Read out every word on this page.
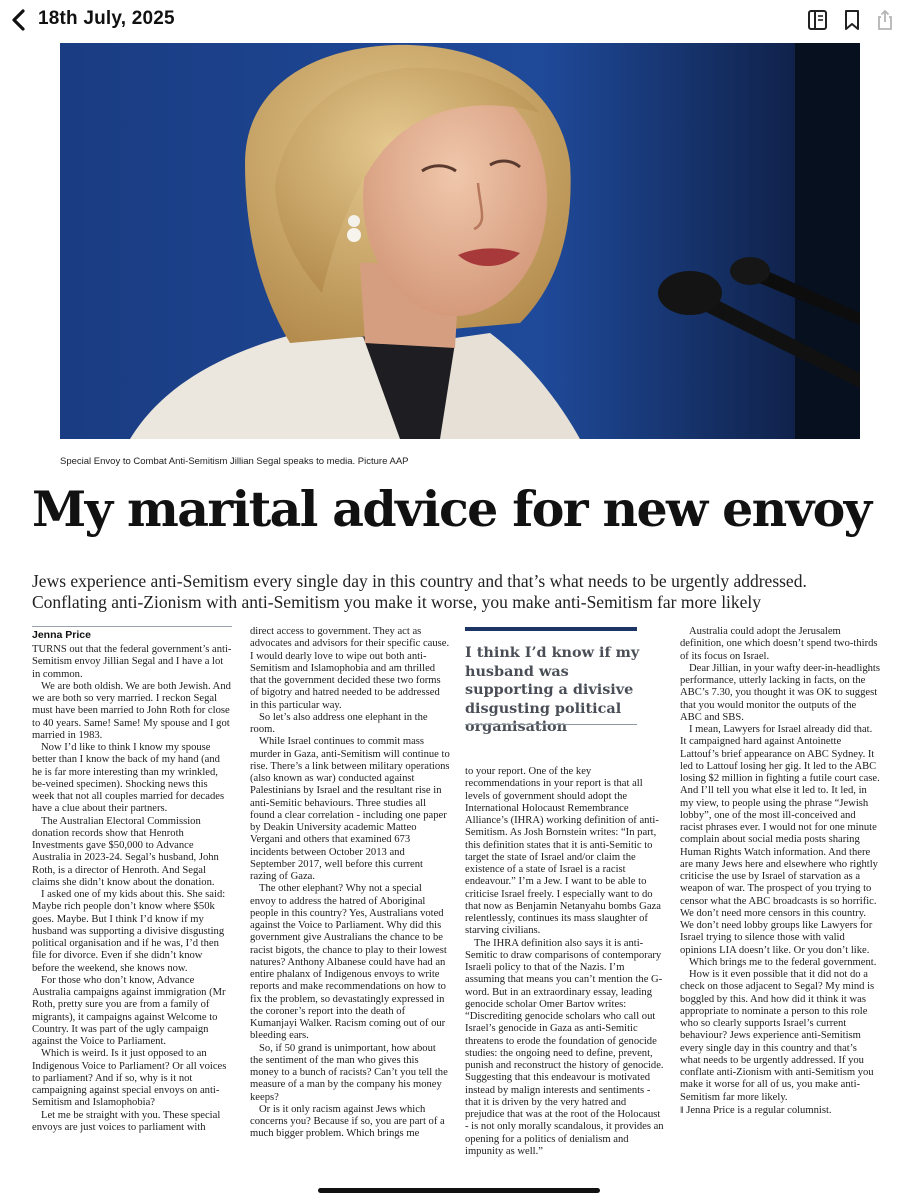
18th July, 2025
Special Envoy to Combat Anti-Semitism Jillian Segal speaks to media. Picture AAP
My marital advice for new envoy
Jews experience anti-Semitism every single day in this country and that’s what needs to be urgently addressed.
Conflating anti-Zionism with anti-Semitism you make it worse, you make anti-Semitism far more likely
Jenna Price

TURNS out that the federal government’s anti-Semitism envoy Jillian Segal and I have a lot in common.

We are both oldish. We are both Jewish. And we are both so very married. I reckon Segal must have been married to John Roth for close to 40 years. Same! Same! My spouse and I got married in 1983.

Now I’d like to think I know my spouse better than I know the back of my hand (and he is far more interesting than my wrinkled, be-veined specimen). Shocking news this week that not all couples married for decades have a clue about their partners.

The Australian Electoral Commission donation records show that Henroth Investments gave $50,000 to Advance Australia in 2023-24. Segal’s husband, John Roth, is a director of Henroth. And Segal claims she didn’t know about the donation.

I asked one of my kids about this. She said: Maybe rich people don’t know where $50k goes. Maybe. But I think I’d know if my husband was supporting a divisive disgusting political organisation and if he was, I’d then file for divorce. Even if she didn’t know before the weekend, she knows now.

For those who don’t know, Advance Australia campaigns against immigration (Mr Roth, pretty sure you are from a family of migrants), it campaigns against Welcome to Country. It was part of the ugly campaign against the Voice to Parliament.

Which is weird. Is it just opposed to an Indigenous Voice to Parliament? Or all voices to parliament? And if so, why is it not campaigning against special envoys on anti-Semitism and Islamophobia?

Let me be straight with you. These special envoys are just voices to parliament with

direct access to government. They act as advocates and advisors for their specific cause. I would dearly love to wipe out both anti-Semitism and Islamophobia and am thrilled that the government decided these two forms of bigotry and hatred needed to be addressed in this particular way.

So let’s also address one elephant in the room.

While Israel continues to commit mass murder in Gaza, anti-Semitism will continue to rise. There’s a link between military operations (also known as war) conducted against Palestinians by Israel and the resultant rise in anti-Semitic behaviours. Three studies all found a clear correlation - including one paper by Deakin University academic Matteo Vergani and others that examined 673 incidents between October 2013 and September 2017, well before this current razing of Gaza.

The other elephant? Why not a special envoy to address the hatred of Aboriginal people in this country? Yes, Australians voted against the Voice to Parliament. Why did this government give Australians the chance to be racist bigots, the chance to play to their lowest natures? Anthony Albanese could have had an entire phalanx of Indigenous envoys to write reports and make recommendations on how to fix the problem, so devastatingly expressed in the coroner’s report into the death of Kumanjayi Walker. Racism coming out of our bleeding ears.

So, if 50 grand is unimportant, how about the sentiment of the man who gives this money to a bunch of racists? Can’t you tell the measure of a man by the company his money keeps?

Or is it only racism against Jews which concerns you? Because if so, you are part of a much bigger problem. Which brings me

I think I’d know if my husband was supporting a divisive disgusting political organisation

to your report. One of the key recommendations in your report is that all levels of government should adopt the International Holocaust Remembrance Alliance’s (IHRA) working definition of anti-Semitism. As Josh Bornstein writes: “In part, this definition states that it is anti-Semitic to target the state of Israel and/or claim the existence of a state of Israel is a racist endeavour.” I’m a Jew. I want to be able to criticise Israel freely. I especially want to do that now as Benjamin Netanyahu bombs Gaza relentlessly, continues its mass slaughter of starving civilians.

The IHRA definition also says it is anti-Semitic to draw comparisons of contemporary Israeli policy to that of the Nazis. I’m assuming that means you can’t mention the G-word. But in an extraordinary essay, leading genocide scholar Omer Bartov writes: “Discrediting genocide scholars who call out Israel’s genocide in Gaza as anti-Semitic threatens to erode the foundation of genocide studies: the ongoing need to define, prevent, punish and reconstruct the history of genocide. Suggesting that this endeavour is motivated instead by malign interests and sentiments - that it is driven by the very hatred and prejudice that was at the root of the Holocaust - is not only morally scandalous, it provides an opening for a politics of denialism and impunity as well.”

Australia could adopt the Jerusalem definition, one which doesn’t spend two-thirds of its focus on Israel.

Dear Jillian, in your wafty deer-in-headlights performance, utterly lacking in facts, on the ABC’s 7.30, you thought it was OK to suggest that you would monitor the outputs of the ABC and SBS.

I mean, Lawyers for Israel already did that. It campaigned hard against Antoinette Lattouf’s brief appearance on ABC Sydney. It led to Lattouf losing her gig. It led to the ABC losing $2 million in fighting a futile court case. And I’ll tell you what else it led to. It led, in my view, to people using the phrase “Jewish lobby”, one of the most ill-conceived and racist phrases ever. I would not for one minute complain about social media posts sharing Human Rights Watch information. And there are many Jews here and elsewhere who rightly criticise the use by Israel of starvation as a weapon of war. The prospect of you trying to censor what the ABC broadcasts is so horrific. We don’t need more censors in this country. We don’t need lobby groups like Lawyers for Israel trying to silence those with valid opinions LIA doesn’t like. Or you don’t like.

Which brings me to the federal government.

How is it even possible that it did not do a check on those adjacent to Segal? My mind is boggled by this. And how did it think it was appropriate to nominate a person to this role who so clearly supports Israel’s current behaviour? Jews experience anti-Semitism every single day in this country and that’s what needs to be urgently addressed. If you conflate anti-Zionism with anti-Semitism you make it worse for all of us, you make anti-Semitism far more likely.

‖ Jenna Price is a regular columnist.
